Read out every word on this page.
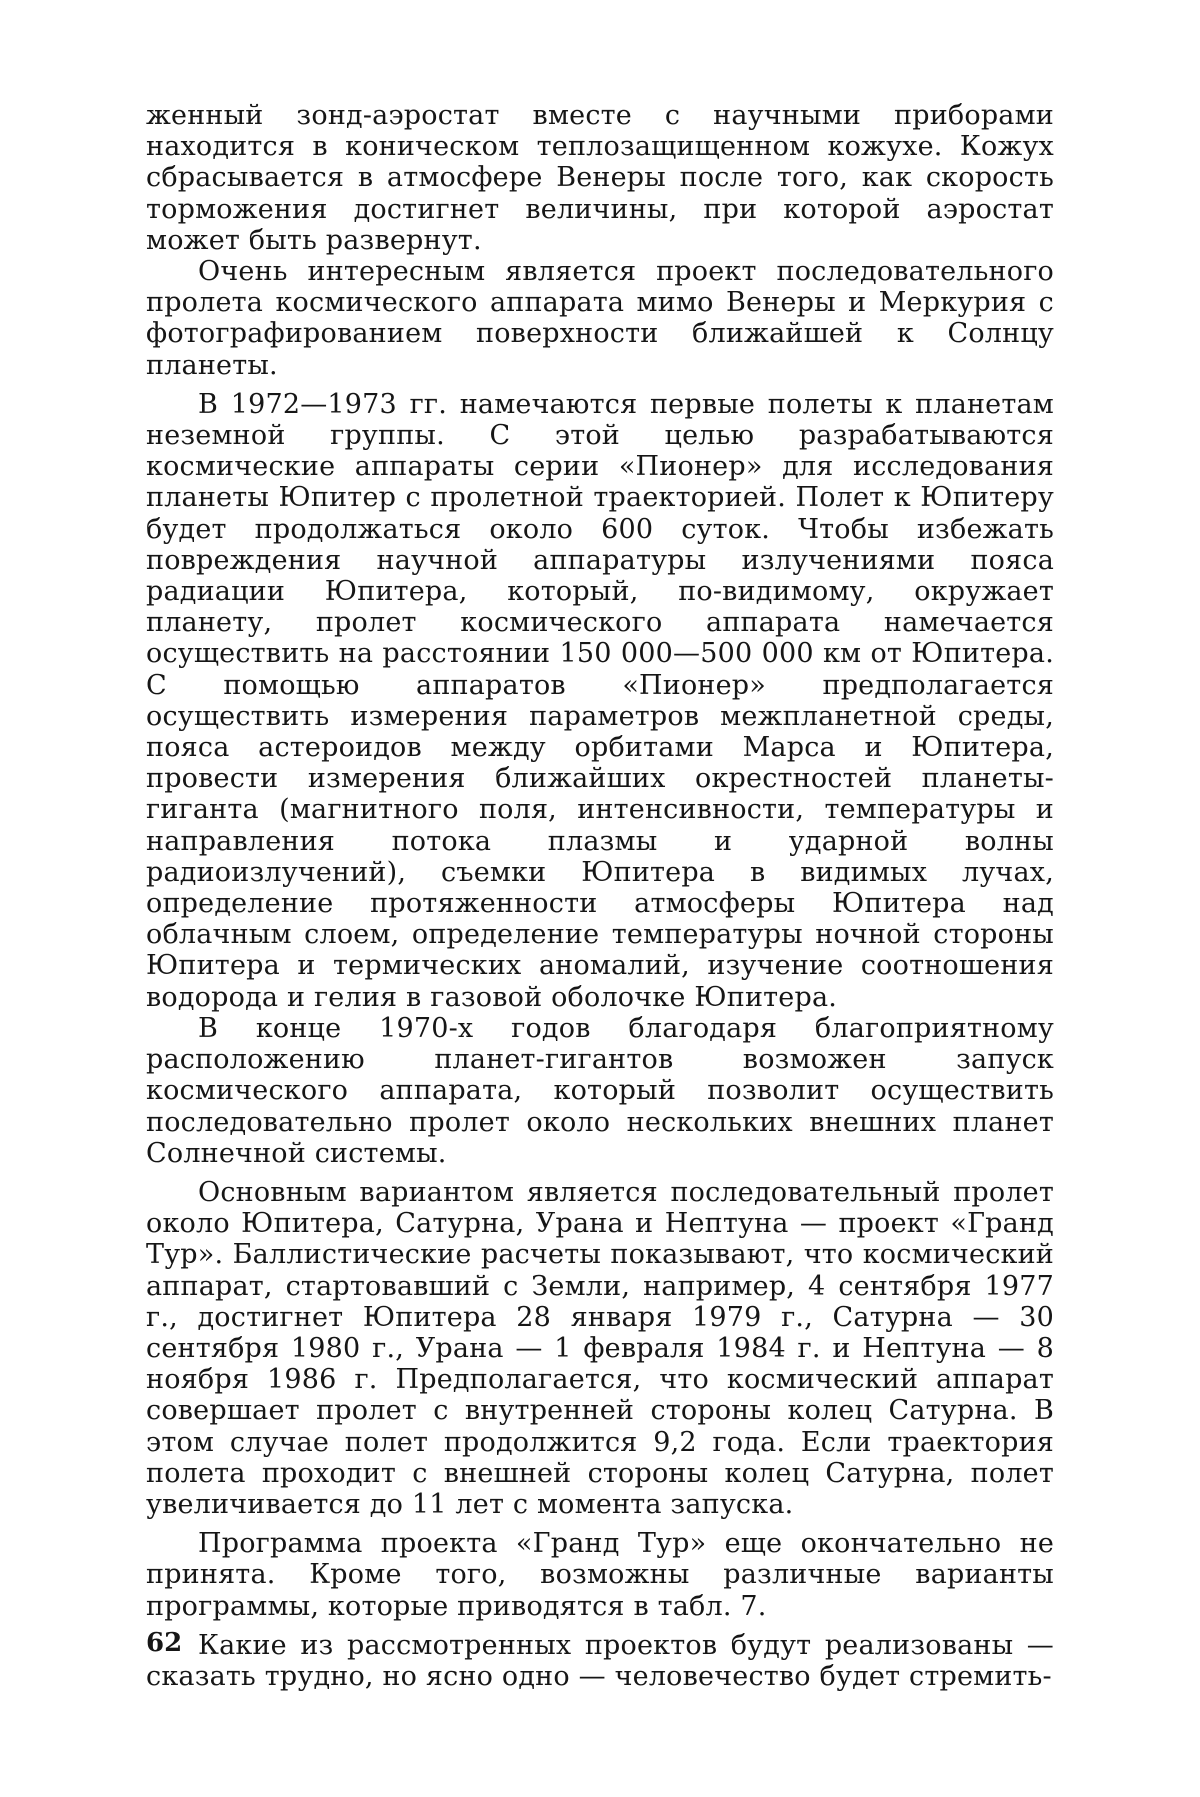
женный зонд-аэростат вместе с научными приборами находится в коническом теплозащищенном кожухе. Кожух сбрасывается в атмосфере Венеры после того, как скорость торможения достигнет величины, при которой аэростат может быть развернут.

Очень интересным является проект последовательного пролета космического аппарата мимо Венеры и Меркурия с фотографированием поверхности ближайшей к Солнцу планеты.

В 1972—1973 гг. намечаются первые полеты к планетам неземной группы. С этой целью разрабатываются космические аппараты серии «Пионер» для исследования планеты Юпитер с пролетной траекторией. Полет к Юпитеру будет продолжаться около 600 суток. Чтобы избежать повреждения научной аппаратуры излучениями пояса радиации Юпитера, который, по-видимому, окружает планету, пролет космического аппарата намечается осуществить на расстоянии 150 000—500 000 км от Юпитера. С помощью аппаратов «Пионер» предполагается осуществить измерения параметров межпланетной среды, пояса астероидов между орбитами Марса и Юпитера, провести измерения ближайших окрестностей планеты-гиганта (магнитного поля, интенсивности, температуры и направления потока плазмы и ударной волны радиоизлучений), съемки Юпитера в видимых лучах, определение протяженности атмосферы Юпитера над облачным слоем, определение температуры ночной стороны Юпитера и термических аномалий, изучение соотношения водорода и гелия в газовой оболочке Юпитера.

В конце 1970-х годов благодаря благоприятному расположению планет-гигантов возможен запуск космического аппарата, который позволит осуществить последовательно пролет около нескольких внешних планет Солнечной системы.

Основным вариантом является последовательный пролет около Юпитера, Сатурна, Урана и Нептуна — проект «Гранд Тур». Баллистические расчеты показывают, что космический аппарат, стартовавший с Земли, например, 4 сентября 1977 г., достигнет Юпитера 28 января 1979 г., Сатурна — 30 сентября 1980 г., Урана — 1 февраля 1984 г. и Нептуна — 8 ноября 1986 г. Предполагается, что космический аппарат совершает пролет с внутренней стороны колец Сатурна. В этом случае полет продолжится 9,2 года. Если траектория полета проходит с внешней стороны колец Сатурна, полет увеличивается до 11 лет с момента запуска.

Программа проекта «Гранд Тур» еще окончательно не принята. Кроме того, возможны различные варианты программы, которые приводятся в табл. 7.

Какие из рассмотренных проектов будут реализованы — сказать трудно, но ясно одно — человечество будет стремить-

62
